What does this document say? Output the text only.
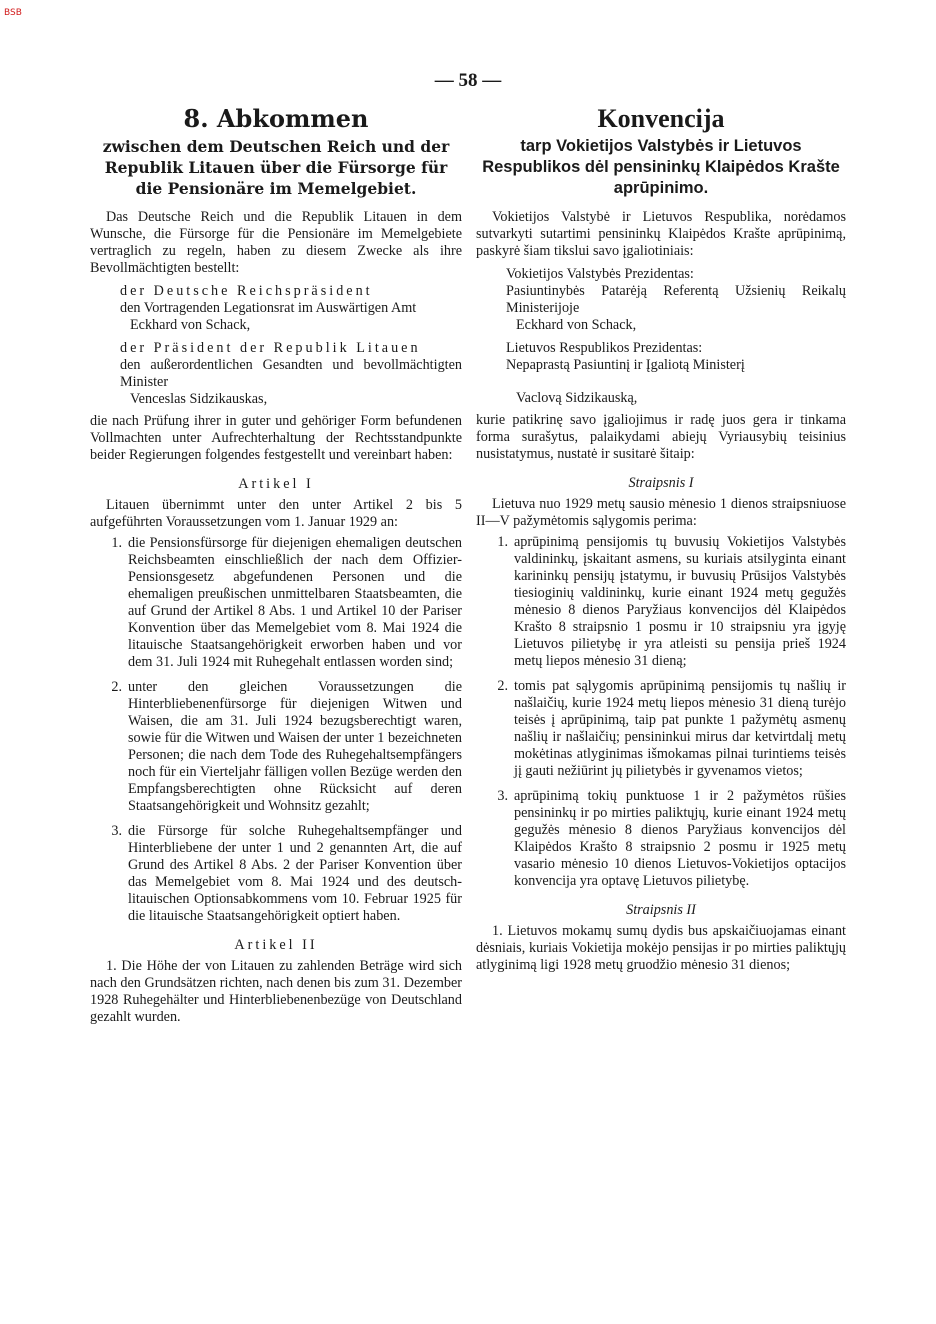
BSB
— 58 —
8. Abkommen
zwischen dem Deutschen Reich und der Republik Litauen über die Fürsorge für die Pensionäre im Memelgebiet.

Das Deutsche Reich und die Republik Litauen in dem Wunsche, die Fürsorge für die Pensionäre im Memelgebiete vertraglich zu regeln, haben zu diesem Zwecke als ihre Bevollmächtigten bestellt:

der Deutsche Reichspräsident
den Vortragenden Legationsrat im Auswärtigen Amt
Eckhard von Schack,
der Präsident der Republik Litauen
den außerordentlichen Gesandten und bevollmächtigten Minister
Venceslas Sidzikauskas,

die nach Prüfung ihrer in guter und gehöriger Form befundenen Vollmachten unter Aufrechterhaltung der Rechtsstandpunkte beider Regierungen folgendes festgestellt und vereinbart haben:

Artikel I

Litauen übernimmt unter den unter Artikel 2 bis 5 aufgeführten Voraussetzungen vom 1. Januar 1929 an:

1. die Pensionsfürsorge für diejenigen ehemaligen deutschen Reichsbeamten einschließlich der nach dem Offizier-Pensionsgesetz abgefundenen Personen und die ehemaligen preußischen unmittelbaren Staatsbeamten, die auf Grund der Artikel 8 Abs. 1 und Artikel 10 der Pariser Konvention über das Memelgebiet vom 8. Mai 1924 die litauische Staatsangehörigkeit erworben haben und vor dem 31. Juli 1924 mit Ruhegehalt entlassen worden sind;
2. unter den gleichen Voraussetzungen die Hinterbliebenenfürsorge für diejenigen Witwen und Waisen, die am 31. Juli 1924 bezugsberechtigt waren, sowie für die Witwen und Waisen der unter 1 bezeichneten Personen; die nach dem Tode des Ruhegehaltsempfängers noch für ein Vierteljahr fälligen vollen Bezüge werden den Empfangsberechtigten ohne Rücksicht auf deren Staatsangehörigkeit und Wohnsitz gezahlt;
3. die Fürsorge für solche Ruhegehaltsempfänger und Hinterbliebene der unter 1 und 2 genannten Art, die auf Grund des Artikel 8 Abs. 2 der Pariser Konvention über das Memelgebiet vom 8. Mai 1924 und des deutsch-litauischen Optionsabkommens vom 10. Februar 1925 für die litauische Staatsangehörigkeit optiert haben.
Artikel II

1. Die Höhe der von Litauen zu zahlenden Beträge wird sich nach den Grundsätzen richten, nach denen bis zum 31. Dezember 1928 Ruhegehälter und Hinterbliebenenbezüge von Deutschland gezahlt wurden.

Konvencija
tarp Vokietijos Valstybės ir Lietuvos Respublikos dėl pensininkų Klaipėdos Krašte aprūpinimo.

Vokietijos Valstybė ir Lietuvos Respublika, norėdamos sutvarkyti sutartimi pensininkų Klaipėdos Krašte aprūpinimą, paskyrė šiam tikslui savo įgaliotiniais:

Vokietijos Valstybės Prezidentas:
Pasiuntinybės Patarėją Referentą Užsienių Reikalų Ministerijoje
Eckhard von Schack,
Lietuvos Respublikos Prezidentas:
Nepaprastą Pasiuntinį ir Įgaliotą Ministerį
Vaclovą Sidzikauską,

kurie patikrinę savo įgaliojimus ir radę juos gera ir tinkama forma surašytus, palaikydami abiejų Vyriausybių teisinius nusistatymus, nustatė ir susitarė šitaip:

Straipsnis I

Lietuva nuo 1929 metų sausio mėnesio 1 dienos straipsniuose II—V pažymėtomis sąlygomis perima:

1. aprūpinimą pensijomis tų buvusių Vokietijos Valstybės valdininkų, įskaitant asmens, su kuriais atsilyginta einant karininkų pensijų įstatymu, ir buvusių Prūsijos Valstybės tiesioginių valdininkų, kurie einant 1924 metų gegužės mėnesio 8 dienos Paryžiaus konvencijos dėl Klaipėdos Krašto 8 straipsnio 1 posmu ir 10 straipsniu yra įgyję Lietuvos pilietybę ir yra atleisti su pensija prieš 1924 metų liepos mėnesio 31 dieną;
2. tomis pat sąlygomis aprūpinimą pensijomis tų našlių ir našlaičių, kurie 1924 metų liepos mėnesio 31 dieną turėjo teisės į aprūpinimą, taip pat punkte 1 pažymėtų asmenų našlių ir našlaičių; pensininkui mirus dar ketvirtdalį metų mokėtinas atlyginimas išmokamas pilnai turintiems teisės jį gauti nežiūrint jų pilietybės ir gyvenamos vietos;
3. aprūpinimą tokių punktuose 1 ir 2 pažymėtos rūšies pensininkų ir po mirties paliktųjų, kurie einant 1924 metų gegužės mėnesio 8 dienos Paryžiaus konvencijos dėl Klaipėdos Krašto 8 straipsnio 2 posmu ir 1925 metų vasario mėnesio 10 dienos Lietuvos-Vokietijos optacijos konvencija yra optavę Lietuvos pilietybę.
Straipsnis II

1. Lietuvos mokamų sumų dydis bus apskaičiuojamas einant dėsniais, kuriais Vokietija mokėjo pensijas ir po mirties paliktųjų atlyginimą ligi 1928 metų gruodžio mėnesio 31 dienos;
